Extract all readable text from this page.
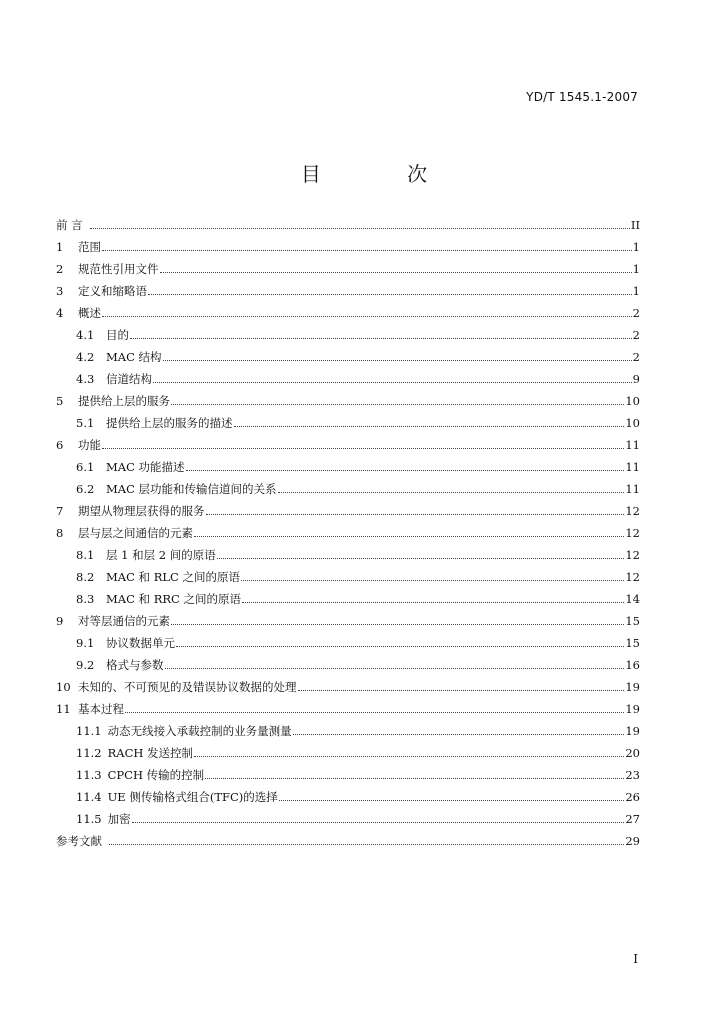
YD/T 1545.1-2007
目 次
前 言	II
1	范围	1
2	规范性引用文件	1
3	定义和缩略语	1
4	概述	2
4.1	目的	2
4.2	MAC 结构	2
4.3	信道结构	9
5	提供给上层的服务	10
5.1	提供给上层的服务的描述	10
6	功能	11
6.1	MAC 功能描述	11
6.2	MAC 层功能和传输信道间的关系	11
7	期望从物理层获得的服务	12
8	层与层之间通信的元素	12
8.1	层 1 和层 2 间的原语	12
8.2	MAC 和 RLC 之间的原语	12
8.3	MAC 和 RRC 之间的原语	14
9	对等层通信的元素	15
9.1	协议数据单元	15
9.2	格式与参数	16
10 未知的、不可预见的及错误协议数据的处理	19
11 基本过程	19
11.1 动态无线接入承载控制的业务量测量	19
11.2 RACH 发送控制	20
11.3 CPCH 传输的控制	23
11.4 UE 侧传输格式组合(TFC)的选择	26
11.5 加密	27
参考文献	29
I
